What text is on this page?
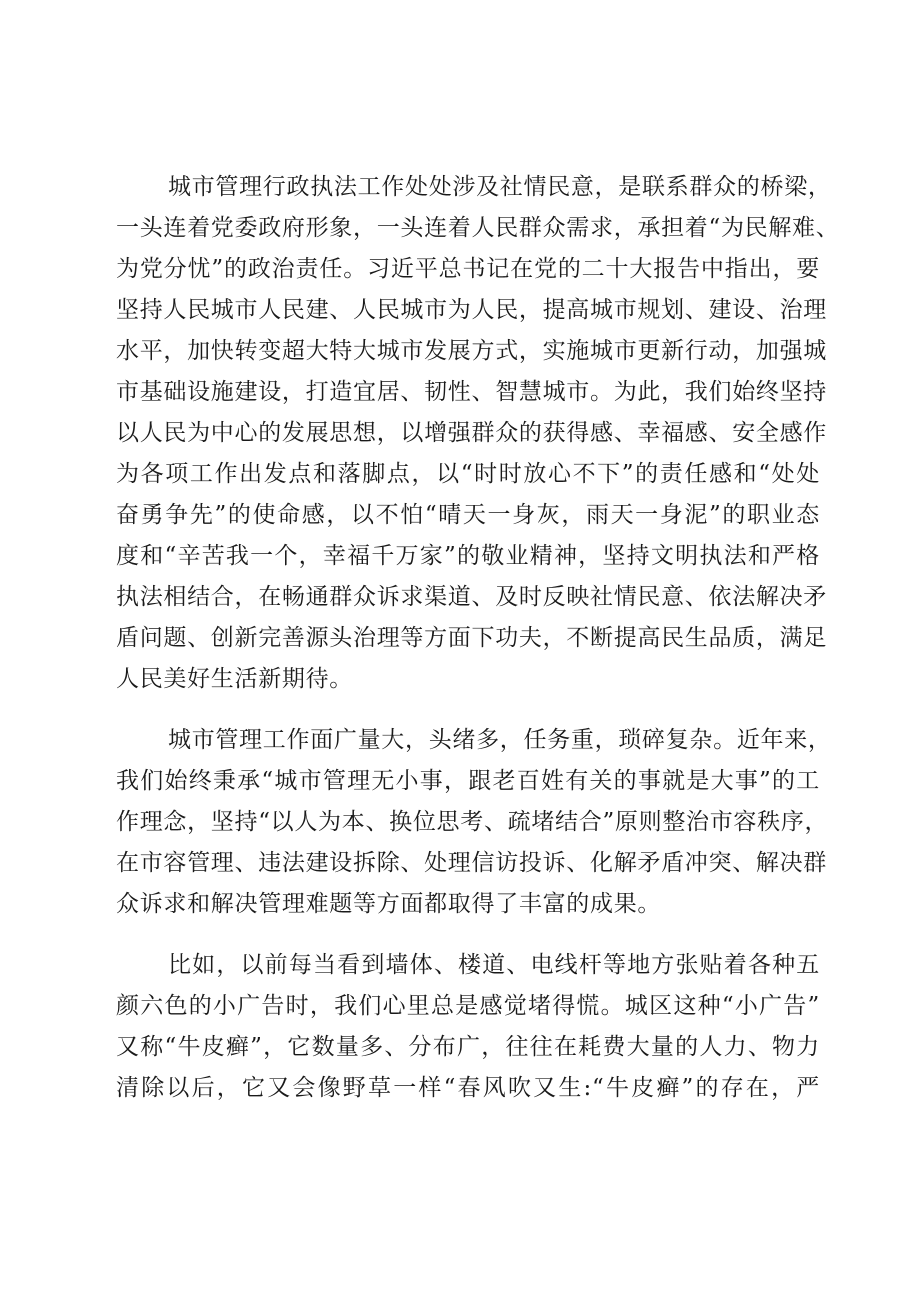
城市管理行政执法工作处处涉及社情民意，是联系群众的桥梁，
一头连着党委政府形象，一头连着人民群众需求，承担着“为民解难、
为党分忧”的政治责任。习近平总书记在党的二十大报告中指出，要
坚持人民城市人民建、人民城市为人民，提高城市规划、建设、治理
水平，加快转变超大特大城市发展方式，实施城市更新行动，加强城
市基础设施建设，打造宜居、韧性、智慧城市。为此，我们始终坚持
以人民为中心的发展思想，以增强群众的获得感、幸福感、安全感作
为各项工作出发点和落脚点，以“时时放心不下”的责任感和“处处
奋勇争先”的使命感，以不怕“晴天一身灰，雨天一身泥”的职业态
度和“辛苦我一个，幸福千万家”的敬业精神，坚持文明执法和严格
执法相结合，在畅通群众诉求渠道、及时反映社情民意、依法解决矛
盾问题、创新完善源头治理等方面下功夫，不断提高民生品质，满足
人民美好生活新期待。
城市管理工作面广量大，头绪多，任务重，琐碎复杂。近年来，
我们始终秉承“城市管理无小事，跟老百姓有关的事就是大事”的工
作理念，坚持“以人为本、换位思考、疏堵结合”原则整治市容秩序，
在市容管理、违法建设拆除、处理信访投诉、化解矛盾冲突、解决群
众诉求和解决管理难题等方面都取得了丰富的成果。
比如，以前每当看到墙体、楼道、电线杆等地方张贴着各种五
颜六色的小广告时，我们心里总是感觉堵得慌。城区这种“小广告”
又称“牛皮癣”，它数量多、分布广，往往在耗费大量的人力、物力
清除以后，它又会像野草一样“春风吹又生:“牛皮癣”的存在，严
